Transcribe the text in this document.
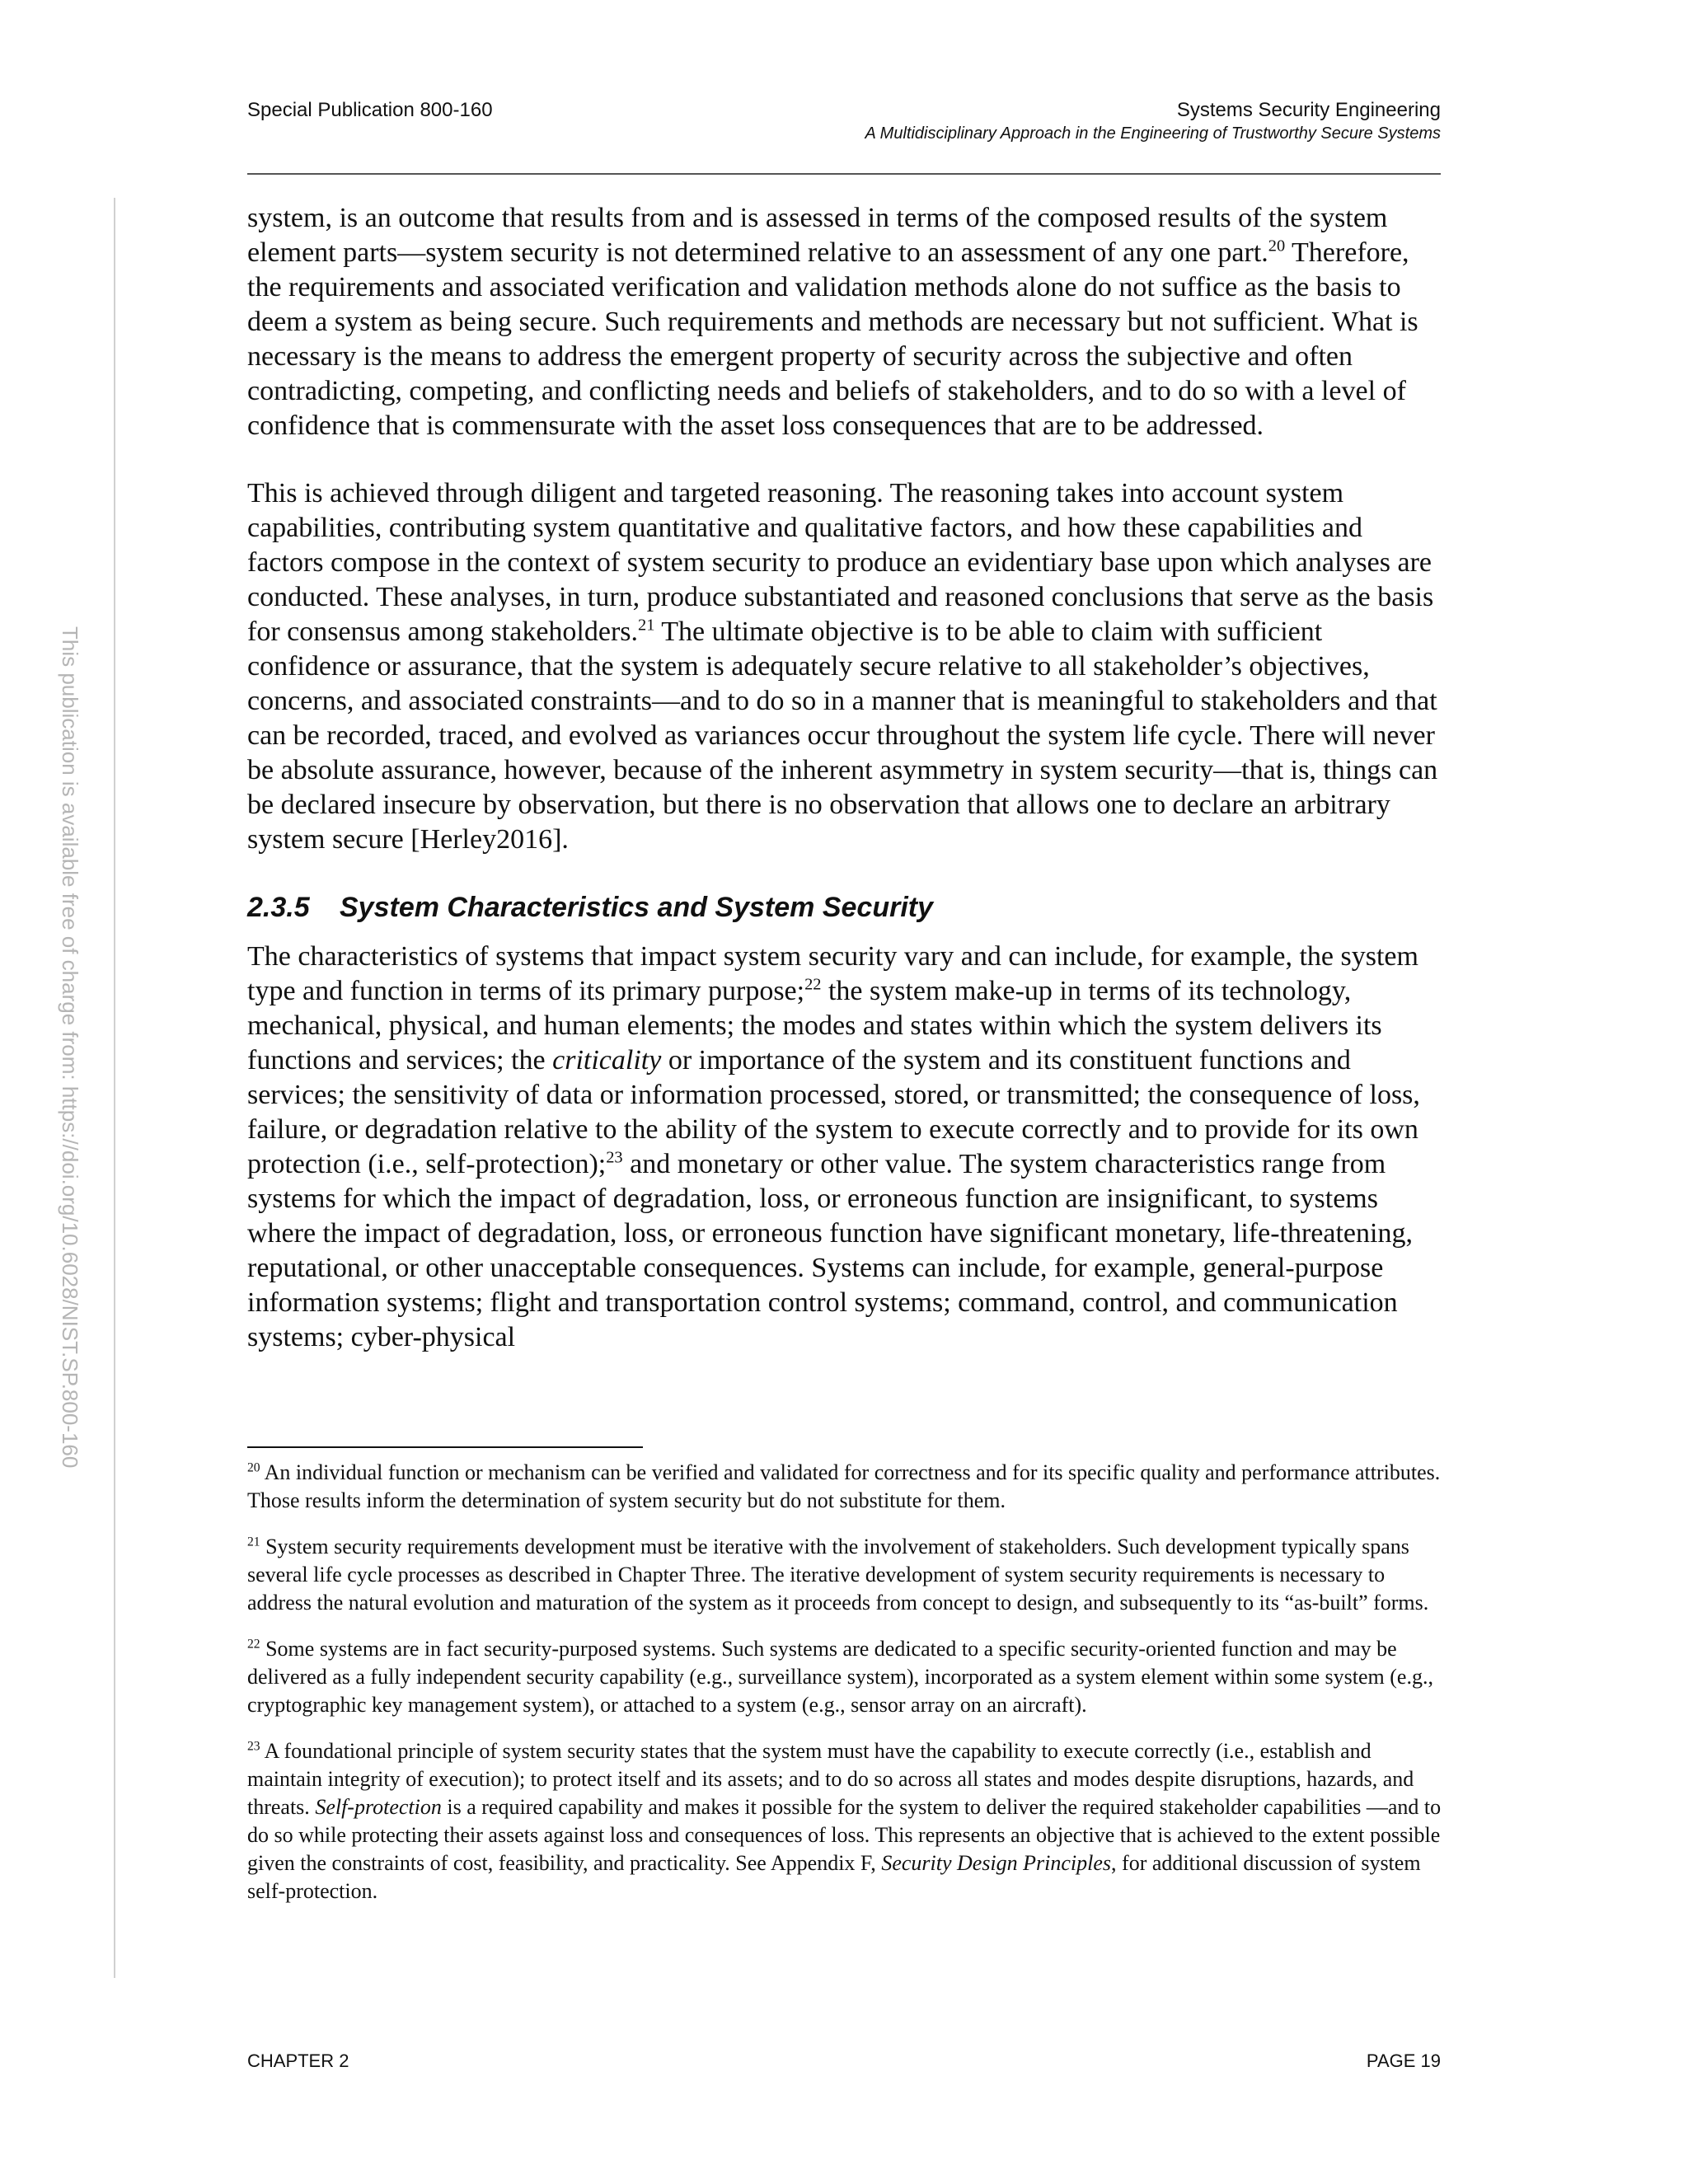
Special Publication 800-160	Systems Security Engineering
A Multidisciplinary Approach in the Engineering of Trustworthy Secure Systems
This publication is available free of charge from: https://doi.org/10.6028/NIST.SP.800-160

system, is an outcome that results from and is assessed in terms of the composed results of the system element parts—system security is not determined relative to an assessment of any one part.$^{20}$ Therefore, the requirements and associated verification and validation methods alone do not suffice as the basis to deem a system as being secure. Such requirements and methods are necessary but not sufficient. What is necessary is the means to address the emergent property of security across the subjective and often contradicting, competing, and conflicting needs and beliefs of stakeholders, and to do so with a level of confidence that is commensurate with the asset loss consequences that are to be addressed.

This is achieved through diligent and targeted reasoning. The reasoning takes into account system capabilities, contributing system quantitative and qualitative factors, and how these capabilities and factors compose in the context of system security to produce an evidentiary base upon which analyses are conducted. These analyses, in turn, produce substantiated and reasoned conclusions that serve as the basis for consensus among stakeholders.$^{21}$ The ultimate objective is to be able to claim with sufficient confidence or assurance, that the system is adequately secure relative to all stakeholder’s objectives, concerns, and associated constraints—and to do so in a manner that is meaningful to stakeholders and that can be recorded, traced, and evolved as variances occur throughout the system life cycle. There will never be absolute assurance, however, because of the inherent asymmetry in system security—that is, things can be declared insecure by observation, but there is no observation that allows one to declare an arbitrary system secure [Herley2016].

2.3.5 System Characteristics and System Security

The characteristics of systems that impact system security vary and can include, for example, the system type and function in terms of its primary purpose;$^{22}$ the system make-up in terms of its technology, mechanical, physical, and human elements; the modes and states within which the system delivers its functions and services; the criticality or importance of the system and its constituent functions and services; the sensitivity of data or information processed, stored, or transmitted; the consequence of loss, failure, or degradation relative to the ability of the system to execute correctly and to provide for its own protection (i.e., self-protection);$^{23}$ and monetary or other value. The system characteristics range from systems for which the impact of degradation, loss, or erroneous function are insignificant, to systems where the impact of degradation, loss, or erroneous function have significant monetary, life-threatening, reputational, or other unacceptable consequences. Systems can include, for example, general-purpose information systems; flight and transportation control systems; command, control, and communication systems; cyber-physical

$^{20}$ An individual function or mechanism can be verified and validated for correctness and for its specific quality and performance attributes. Those results inform the determination of system security but do not substitute for them.

$^{21}$ System security requirements development must be iterative with the involvement of stakeholders. Such development typically spans several life cycle processes as described in Chapter Three. The iterative development of system security requirements is necessary to address the natural evolution and maturation of the system as it proceeds from concept to design, and subsequently to its “as-built” forms.

$^{22}$ Some systems are in fact security-purposed systems. Such systems are dedicated to a specific security-oriented function and may be delivered as a fully independent security capability (e.g., surveillance system), incorporated as a system element within some system (e.g., cryptographic key management system), or attached to a system (e.g., sensor array on an aircraft).

$^{23}$ A foundational principle of system security states that the system must have the capability to execute correctly (i.e., establish and maintain integrity of execution); to protect itself and its assets; and to do so across all states and modes despite disruptions, hazards, and threats. Self-protection is a required capability and makes it possible for the system to deliver the required stakeholder capabilities —and to do so while protecting their assets against loss and consequences of loss. This represents an objective that is achieved to the extent possible given the constraints of cost, feasibility, and practicality. See Appendix F, Security Design Principles, for additional discussion of system self-protection.

CHAPTER 2	PAGE 19
